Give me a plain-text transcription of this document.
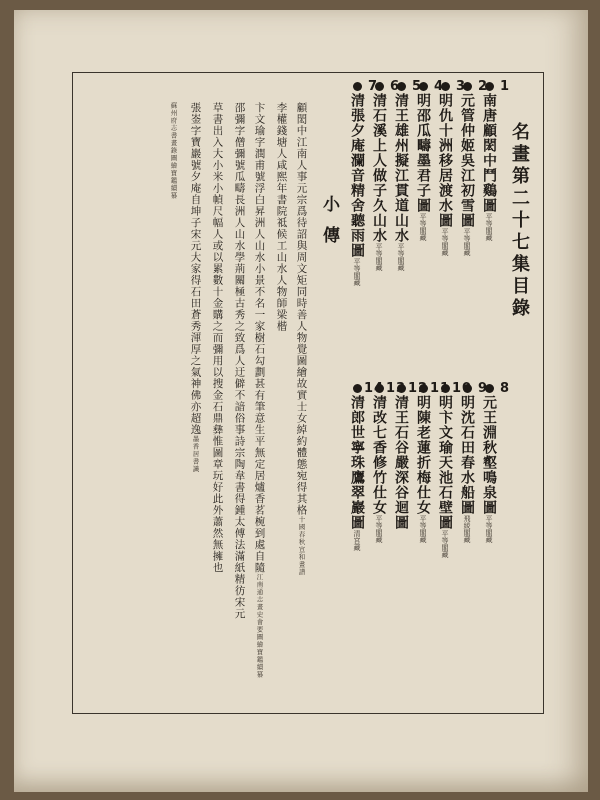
名畫第二十七集目錄
1
南唐顧閎中鬥鷄圖平等閣藏
2
元管仲姬吳江初雪圖平等閣藏
3
明仇十洲移居渡水圖平等閣藏
4
明邵瓜疇墨君子圖平等閣藏
5
清王雄州擬江貫道山水平等閣藏
6
清石溪上人做子久山水平等閣藏
7
清張夕庵瀾音精舍聽雨圖平等閣藏
8
元王淵秋壑鳴泉圖平等閣藏
9
明沈石田春水船圖飛綾閣藏
10
明卞文瑜天池石壁圖平等閣藏
11
明陳老蓮折梅仕女平等閣藏
12
清王石谷嚴深谷迴圖
13
清改七香修竹仕女平等閣藏
14
清郎世寧珠鷹翠巖圖清宮藏
小傳
顧閎中江南人事元宗爲待詔與周文矩同時善人物覺圖繪故實士女綽約體態宛得其格十國春秋宣和畫譜
李權錢塘人咸熙年書院祗候工山水人物師梁楷
卞文瑜字潤甫號浮白昇洲人山水小景不名一家樹石勾劃甚有筆意生平無定居爐香茗椀到處自隨江南通志畫史會要圖繪寶鑑續纂
邵彌字僧彌號瓜疇長洲人山水學荊關極古秀之致爲人迂僻不諳俗事詩宗陶韋書得鍾太傅法滿紙精彷宋元
草書出入大小米小幀尺幅人或以累數十金購之而彌用以搜金石鼎彝惟圖章玩好此外蕭然無擁也
張崟字寶巖號夕庵自坤子宋元大家得石田蒼秀渾厚之氣神佛亦超逸墨香居書識
蘇州府志書畫錄圖繪寶鑑續纂
